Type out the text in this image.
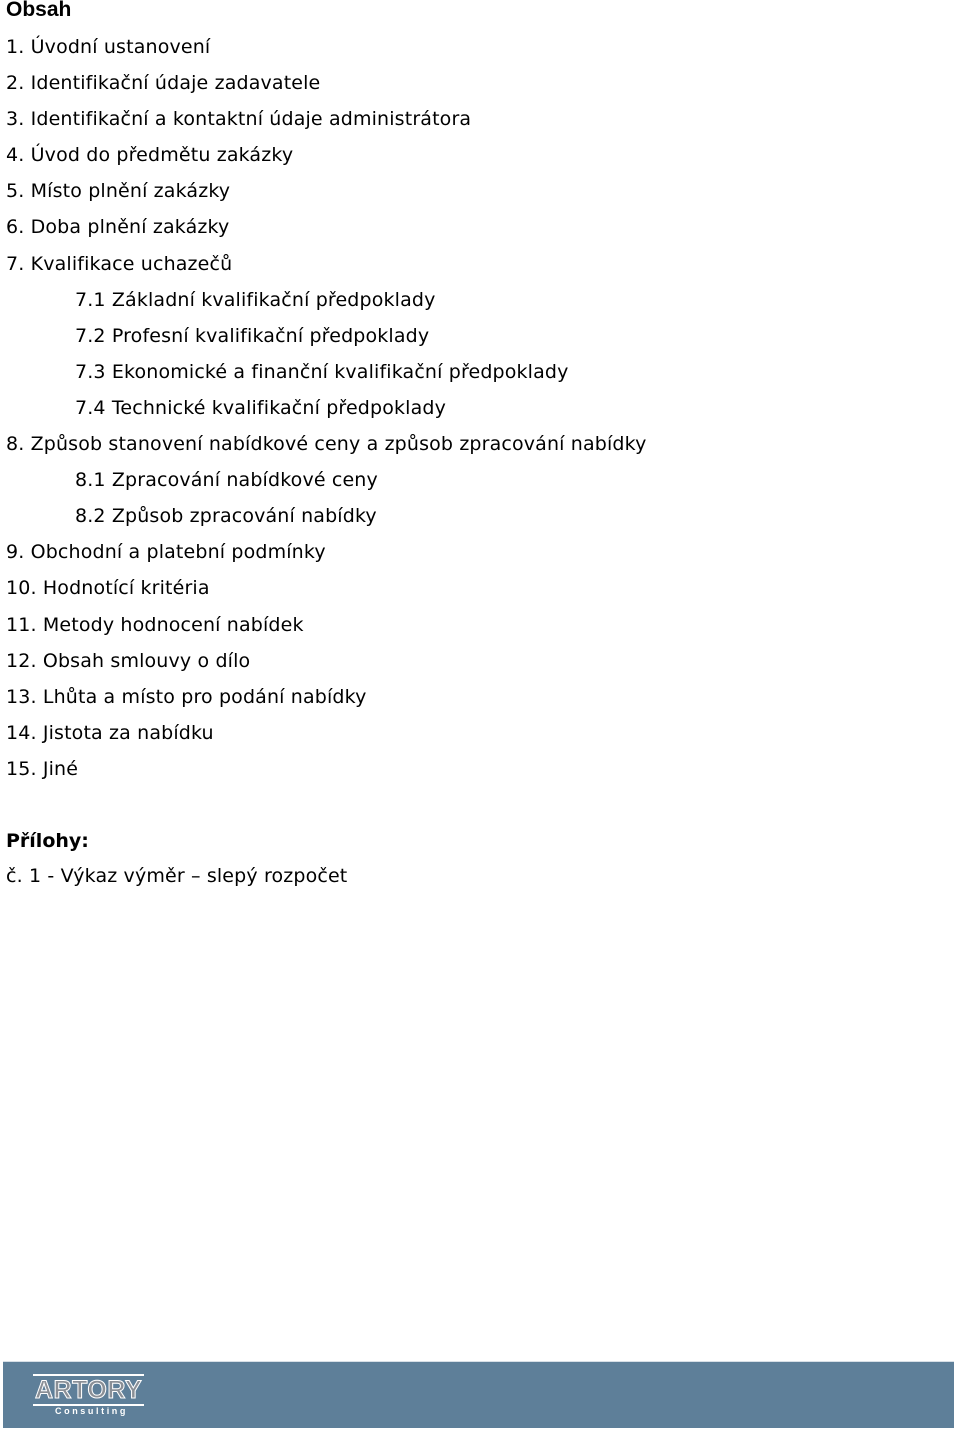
Obsah
1. Úvodní ustanovení
2. Identifikační údaje zadavatele
3. Identifikační a kontaktní údaje administrátora
4. Úvod do předmětu zakázky
5. Místo plnění zakázky
6. Doba plnění zakázky
7. Kvalifikace uchazečů
7.1 Základní kvalifikační předpoklady
7.2 Profesní kvalifikační předpoklady
7.3 Ekonomické a finanční kvalifikační předpoklady
7.4 Technické kvalifikační předpoklady
8. Způsob stanovení nabídkové ceny a způsob zpracování nabídky
8.1 Zpracování nabídkové ceny
8.2 Způsob zpracování nabídky
9. Obchodní a platební podmínky
10. Hodnotící kritéria
11. Metody hodnocení nabídek
12. Obsah smlouvy o dílo
13. Lhůta a místo pro podání nabídky
14. Jistota za nabídku
15. Jiné
Přílohy:

č. 1 - Výkaz výměr – slepý rozpočet

ARTORY
Consulting
